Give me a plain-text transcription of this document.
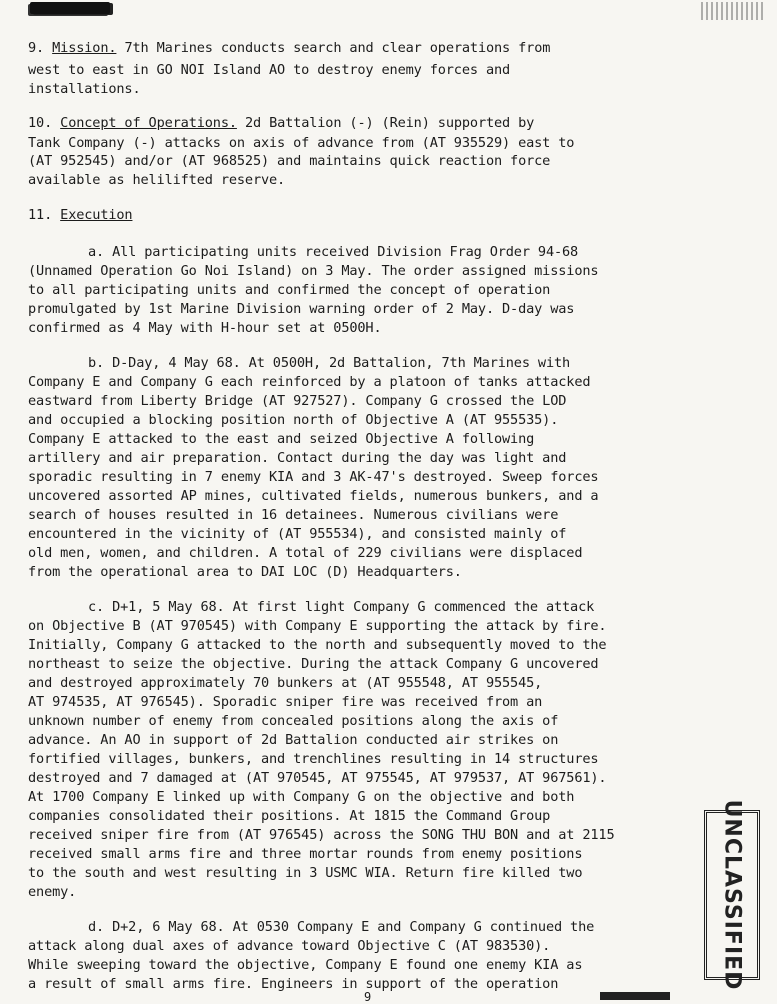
9. Mission. 7th Marines conducts search and clear operations from
west to east in GO NOI Island AO to destroy enemy forces and
installations.
10. Concept of Operations. 2d Battalion (-) (Rein) supported by
Tank Company (-) attacks on axis of advance from (AT 935529) east to
(AT 952545) and/or (AT 968525) and maintains quick reaction force
available as helilifted reserve.
11. Execution
a. All participating units received Division Frag Order 94-68
(Unnamed Operation Go Noi Island) on 3 May. The order assigned missions
to all participating units and confirmed the concept of operation
promulgated by 1st Marine Division warning order of 2 May. D-day was
confirmed as 4 May with H-hour set at 0500H.
b. D-Day, 4 May 68. At 0500H, 2d Battalion, 7th Marines with
Company E and Company G each reinforced by a platoon of tanks attacked
eastward from Liberty Bridge (AT 927527). Company G crossed the LOD
and occupied a blocking position north of Objective A (AT 955535).
Company E attacked to the east and seized Objective A following
artillery and air preparation. Contact during the day was light and
sporadic resulting in 7 enemy KIA and 3 AK-47's destroyed. Sweep forces
uncovered assorted AP mines, cultivated fields, numerous bunkers, and a
search of houses resulted in 16 detainees. Numerous civilians were
encountered in the vicinity of (AT 955534), and consisted mainly of
old men, women, and children. A total of 229 civilians were displaced
from the operational area to DAI LOC (D) Headquarters.
c. D+1, 5 May 68. At first light Company G commenced the attack
on Objective B (AT 970545) with Company E supporting the attack by fire.
Initially, Company G attacked to the north and subsequently moved to the
northeast to seize the objective. During the attack Company G uncovered
and destroyed approximately 70 bunkers at (AT 955548, AT 955545,
AT 974535, AT 976545). Sporadic sniper fire was received from an
unknown number of enemy from concealed positions along the axis of
advance. An AO in support of 2d Battalion conducted air strikes on
fortified villages, bunkers, and trenchlines resulting in 14 structures
destroyed and 7 damaged at (AT 970545, AT 975545, AT 979537, AT 967561).
At 1700 Company E linked up with Company G on the objective and both
companies consolidated their positions. At 1815 the Command Group
received sniper fire from (AT 976545) across the SONG THU BON and at 2115
received small arms fire and three mortar rounds from enemy positions
to the south and west resulting in 3 USMC WIA. Return fire killed two
enemy.
d. D+2, 6 May 68. At 0530 Company E and Company G continued the
attack along dual axes of advance toward Objective C (AT 983530).
While sweeping toward the objective, Company E found one enemy KIA as
a result of small arms fire. Engineers in support of the operation	UNCLASSIFIED
9
